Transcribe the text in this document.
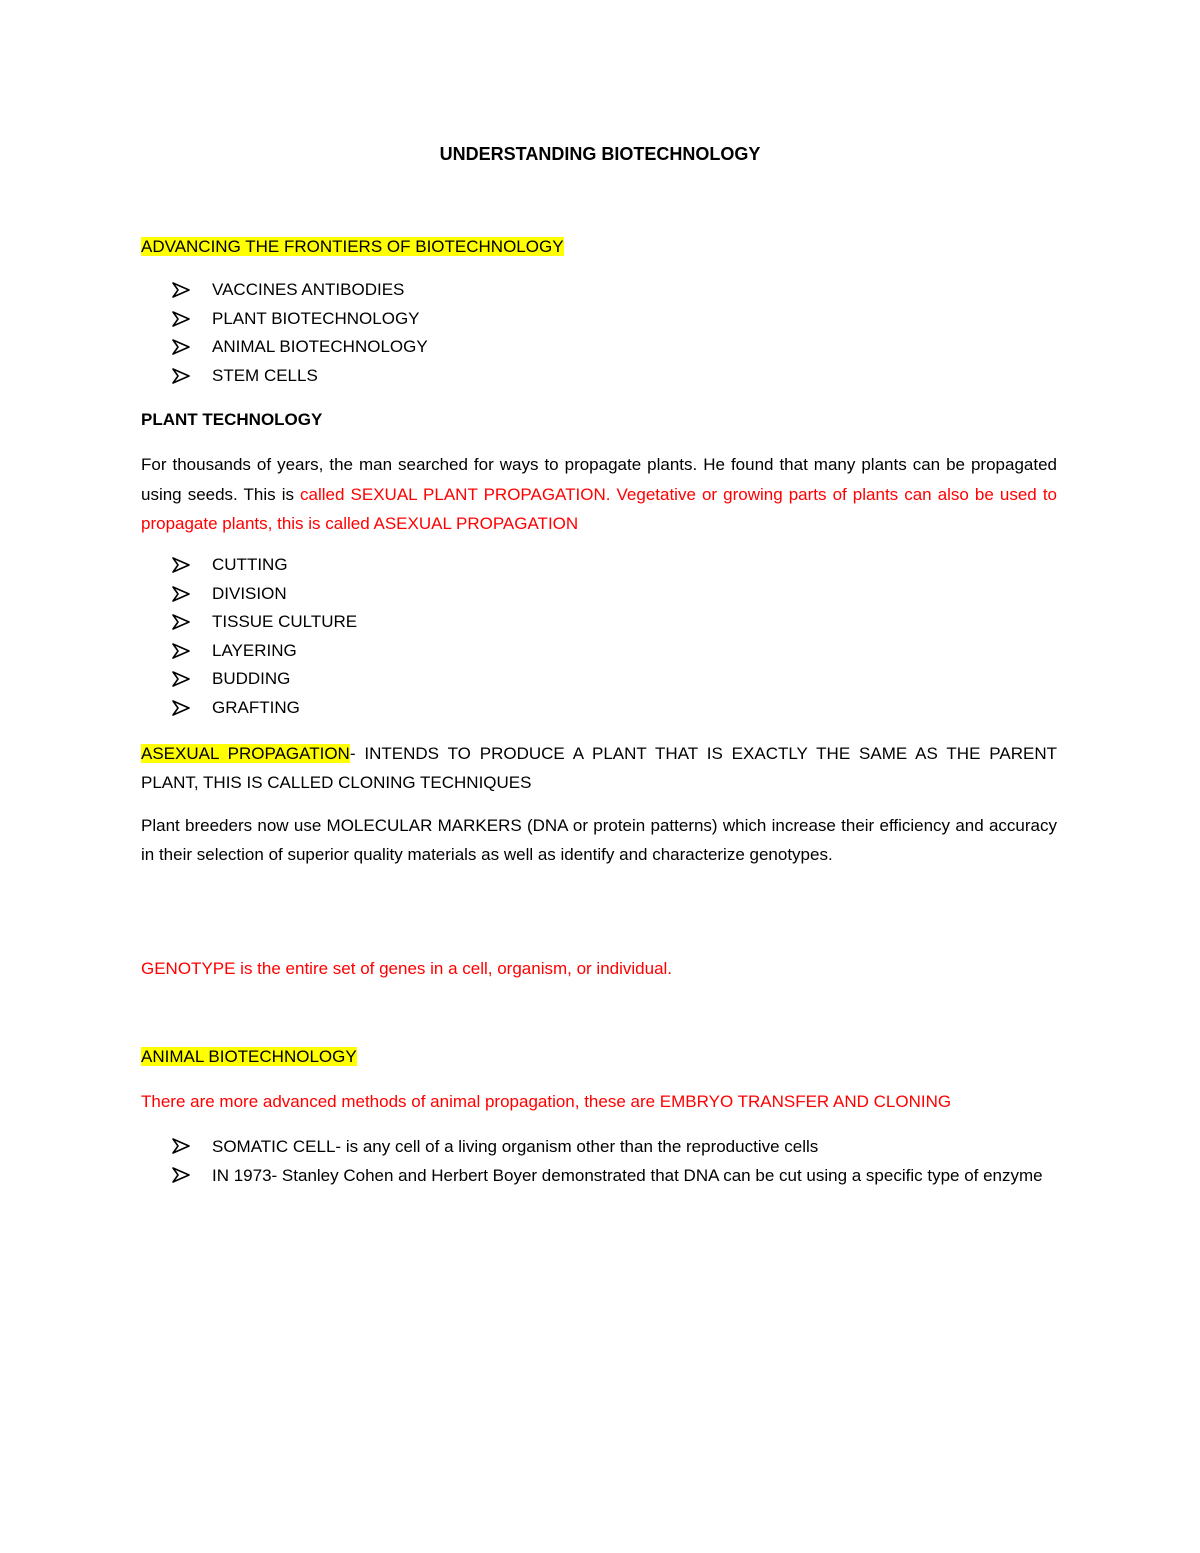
UNDERSTANDING BIOTECHNOLOGY
ADVANCING THE FRONTIERS OF BIOTECHNOLOGY
VACCINES ANTIBODIES
PLANT BIOTECHNOLOGY
ANIMAL BIOTECHNOLOGY
STEM CELLS
PLANT TECHNOLOGY
For thousands of years, the man searched for ways to propagate plants. He found that many plants can be propagated using seeds. This is called SEXUAL PLANT PROPAGATION. Vegetative or growing parts of plants can also be used to propagate plants, this is called ASEXUAL PROPAGATION
CUTTING
DIVISION
TISSUE CULTURE
LAYERING
BUDDING
GRAFTING
ASEXUAL PROPAGATION- INTENDS TO PRODUCE A PLANT THAT IS EXACTLY THE SAME AS THE PARENT PLANT, THIS IS CALLED CLONING TECHNIQUES
Plant breeders now use MOLECULAR MARKERS (DNA or protein patterns) which increase their efficiency and accuracy in their selection of superior quality materials as well as identify and characterize genotypes.
GENOTYPE is the entire set of genes in a cell, organism, or individual.
ANIMAL BIOTECHNOLOGY
There are more advanced methods of animal propagation, these are EMBRYO TRANSFER AND CLONING
SOMATIC CELL- is any cell of a living organism other than the reproductive cells
IN 1973- Stanley Cohen and Herbert Boyer demonstrated that DNA can be cut using a specific type of enzyme
